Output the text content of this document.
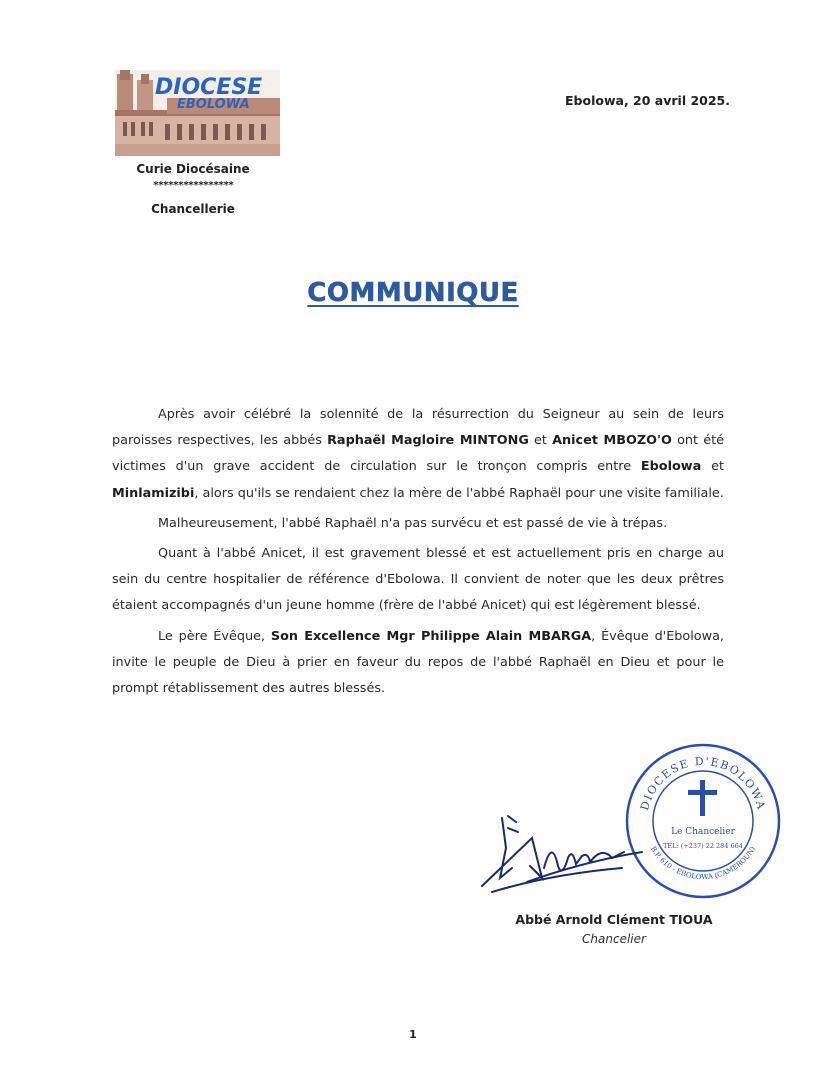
DIOCESE
EBOLOWA
Curie Diocésaine
****************
Chancellerie
Ebolowa, 20 avril 2025.
COMMUNIQUE

Après avoir célébré la solennité de la résurrection du Seigneur au sein de leurs paroisses respectives, les abbés Raphaël Magloire MINTONG et Anicet MBOZO'O ont été victimes d'un grave accident de circulation sur le tronçon compris entre Ebolowa et Minlamizibi, alors qu'ils se rendaient chez la mère de l'abbé Raphaël pour une visite familiale.

Malheureusement, l'abbé Raphaël n'a pas survécu et est passé de vie à trépas.

Quant à l'abbé Anicet, il est gravement blessé et est actuellement pris en charge au sein du centre hospitalier de référence d'Ebolowa. Il convient de noter que les deux prêtres étaient accompagnés d'un jeune homme (frère de l'abbé Anicet) qui est légèrement blessé.

Le père Évêque, Son Excellence Mgr Philippe Alain MBARGA, Évêque d'Ebolowa, invite le peuple de Dieu à prier en faveur du repos de l'abbé Raphaël en Dieu et pour le prompt rétablissement des autres blessés.

DIOCESE D'EBOLOWA
B.P. 610 - EBOLOWA (CAMEROUN)
Le Chancelier
TEL: (+237) 22 284 664
Abbé Arnold Clément TIOUA
Chancelier
1
